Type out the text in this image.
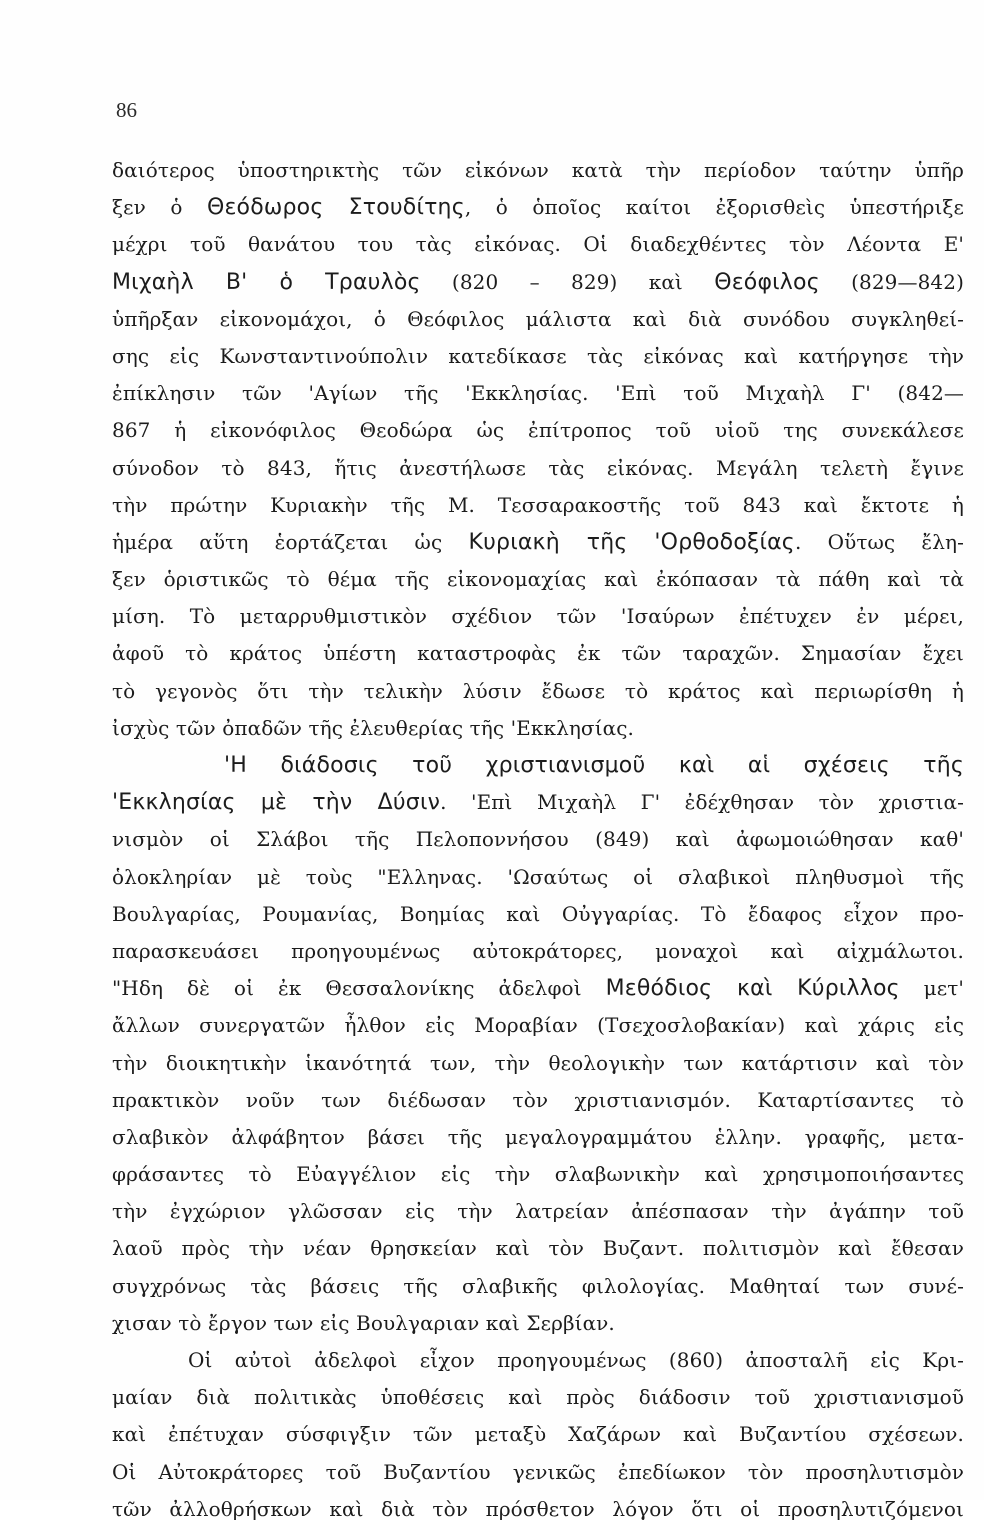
86
δαιότερος ὑποστηρικτὴς τῶν εἰκόνων κατὰ τὴν περίοδον ταύτην ὑπῆρ
ξεν ὁ Θεόδωρος Στουδίτης, ὁ ὁποῖος καίτοι ἐξορισθεὶς ὑπεστήριξε
μέχρι τοῦ θανάτου του τὰς εἰκόνας. Οἱ διαδεχθέντες τὸν Λέοντα Ε'
Μιχαὴλ Β' ὁ Τραυλὸς (820 – 829) καὶ Θεόφιλος (829—842)
ὑπῆρξαν εἰκονομάχοι, ὁ Θεόφιλος μάλιστα καὶ διὰ συνόδου συγκληθεί-
σης εἰς Κωνσταντινούπολιν κατεδίκασε τὰς εἰκόνας καὶ κατήργησε τὴν
ἐπίκλησιν τῶν 'Αγίων τῆς 'Εκκλησίας. 'Επὶ τοῦ Μιχαὴλ Γ' (842—
867 ἡ εἰκονόφιλος Θεοδώρα ὡς ἐπίτροπος τοῦ υἱοῦ της συνεκάλεσε
σύνοδον τὸ 843, ἥτις ἀνεστήλωσε τὰς εἰκόνας. Μεγάλη τελετὴ ἔγινε
τὴν πρώτην Κυριακὴν τῆς Μ. Τεσσαρακοστῆς τοῦ 843 καὶ ἔκτοτε ἡ
ἡμέρα αὕτη ἑορτάζεται ὡς Κυριακὴ τῆς 'Ορθοδοξίας. Οὕτως ἔλη-
ξεν ὁριστικῶς τὸ θέμα τῆς εἰκονομαχίας καὶ ἐκόπασαν τὰ πάθη καὶ τὰ
μίση. Τὸ μεταρρυθμιστικὸν σχέδιον τῶν 'Ισαύρων ἐπέτυχεν ἐν μέρει,
ἀφοῦ τὸ κράτος ὑπέστη καταστροφὰς ἐκ τῶν ταραχῶν. Σημασίαν ἔχει
τὸ γεγονὸς ὅτι τὴν τελικὴν λύσιν ἔδωσε τὸ κράτος καὶ περιωρίσθη ἡ
ἰσχὺς τῶν ὀπαδῶν τῆς ἐλευθερίας τῆς 'Εκκλησίας.
'Η διάδοσις τοῦ χριστιανισμοῦ καὶ αἱ σχέσεις τῆς
'Εκκλησίας μὲ τὴν Δύσιν. 'Επὶ Μιχαὴλ Γ' ἐδέχθησαν τὸν χριστια-
νισμὸν οἱ Σλάβοι τῆς Πελοποννήσου (849) καὶ ἀφωμοιώθησαν καθ'
ὁλοκληρίαν μὲ τοὺς "Ελληνας. 'Ωσαύτως οἱ σλαβικοὶ πληθυσμοὶ τῆς
Βουλγαρίας, Ρουμανίας, Βοημίας καὶ Οὐγγαρίας. Τὸ ἔδαφος εἶχον προ-
παρασκευάσει προηγουμένως αὐτοκράτορες, μοναχοὶ καὶ αἰχμάλωτοι.
"Ηδη δὲ οἱ ἐκ Θεσσαλονίκης ἀδελφοὶ Μεθόδιος καὶ Κύριλλος μετ'
ἄλλων συνεργατῶν ἦλθον εἰς Μοραβίαν (Τσεχοσλοβακίαν) καὶ χάρις εἰς
τὴν διοικητικὴν ἱκανότητά των, τὴν θεολογικὴν των κατάρτισιν καὶ τὸν
πρακτικὸν νοῦν των διέδωσαν τὸν χριστιανισμόν. Καταρτίσαντες τὸ
σλαβικὸν ἀλφάβητον βάσει τῆς μεγαλογραμμάτου ἑλλην. γραφῆς, μετα-
φράσαντες τὸ Εὐαγγέλιον εἰς τὴν σλαβωνικὴν καὶ χρησιμοποιήσαντες
τὴν ἐγχώριον γλῶσσαν εἰς τὴν λατρείαν ἀπέσπασαν τὴν ἀγάπην τοῦ
λαοῦ πρὸς τὴν νέαν θρησκείαν καὶ τὸν Βυζαντ. πολιτισμὸν καὶ ἔθεσαν
συγχρόνως τὰς βάσεις τῆς σλαβικῆς φιλολογίας. Μαθηταί των συνέ-
χισαν τὸ ἔργον των εἰς Βουλγαριαν καὶ Σερβίαν.
Οἱ αὐτοὶ ἀδελφοὶ εἶχον προηγουμένως (860) ἀποσταλῆ εἰς Κρι-
μαίαν διὰ πολιτικὰς ὑποθέσεις καὶ πρὸς διάδοσιν τοῦ χριστιανισμοῦ
καὶ ἐπέτυχαν σύσφιγξιν τῶν μεταξὺ Χαζάρων καὶ Βυζαντίου σχέσεων.
Οἱ Αὐτοκράτορες τοῦ Βυζαντίου γενικῶς ἐπεδίωκον τὸν προσηλυτισμὸν
τῶν ἀλλοθρήσκων καὶ διὰ τὸν πρόσθετον λόγον ὅτι οἱ προσηλυτιζόμενοι
